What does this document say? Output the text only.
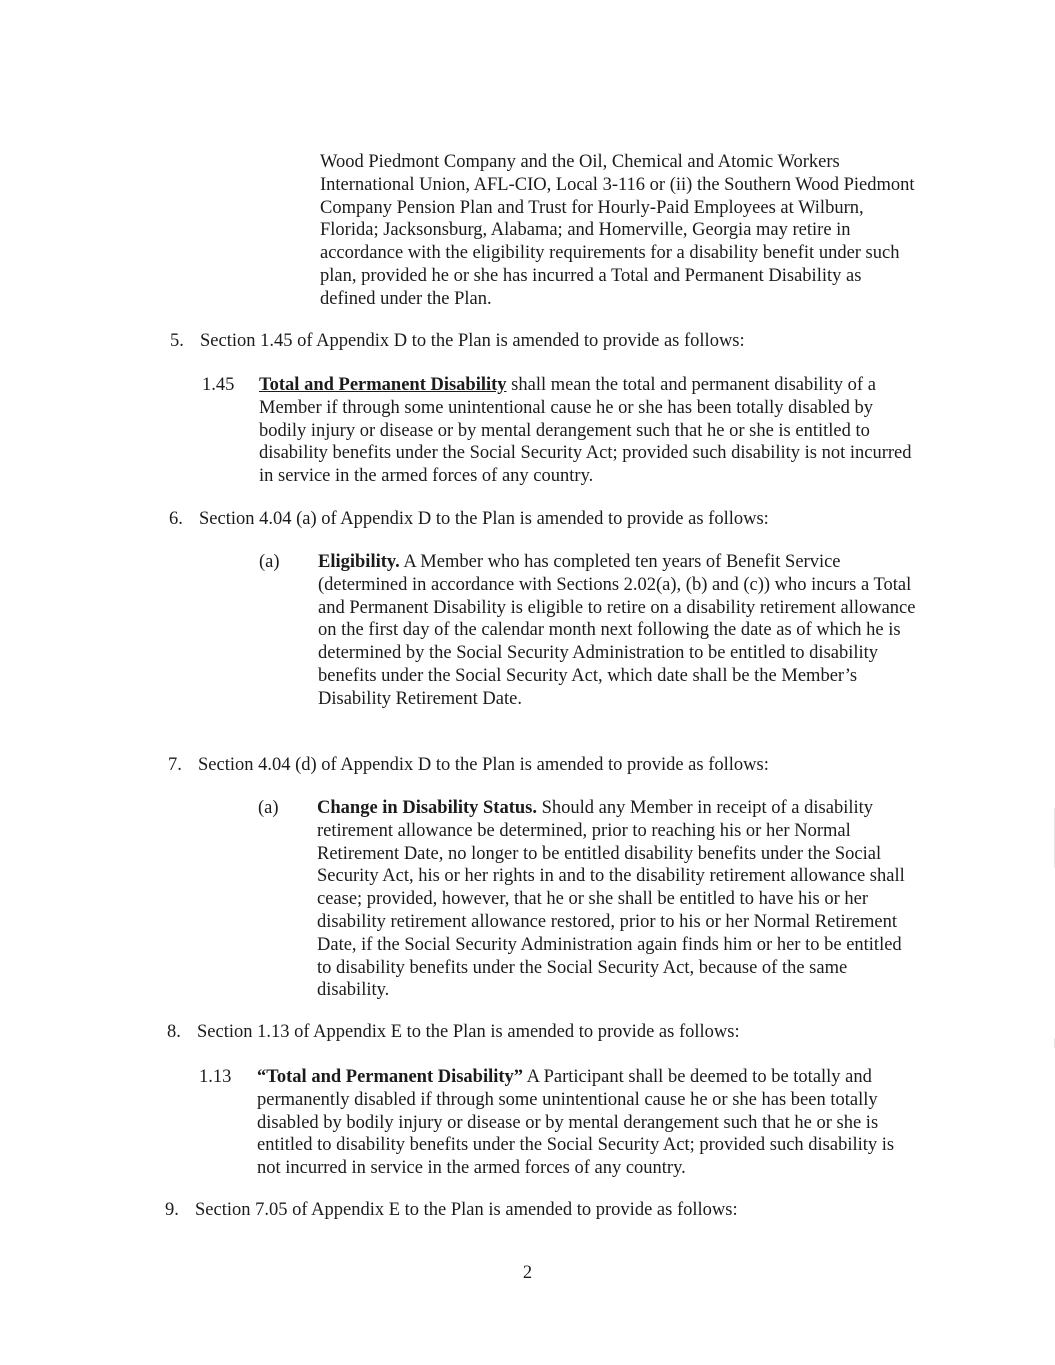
Wood Piedmont Company and the Oil, Chemical and Atomic Workers International Union, AFL-CIO, Local 3-116 or (ii) the Southern Wood Piedmont Company Pension Plan and Trust for Hourly-Paid Employees at Wilburn, Florida; Jacksonsburg, Alabama; and Homerville, Georgia may retire in accordance with the eligibility requirements for a disability benefit under such plan, provided he or she has incurred a Total and Permanent Disability as defined under the Plan.

5. Section 1.45 of Appendix D to the Plan is amended to provide as follows:
1.45 Total and Permanent Disability shall mean the total and permanent disability of a Member if through some unintentional cause he or she has been totally disabled by bodily injury or disease or by mental derangement such that he or she is entitled to disability benefits under the Social Security Act; provided such disability is not incurred in service in the armed forces of any country.

6. Section 4.04 (a) of Appendix D to the Plan is amended to provide as follows:
(a) Eligibility. A Member who has completed ten years of Benefit Service (determined in accordance with Sections 2.02(a), (b) and (c)) who incurs a Total and Permanent Disability is eligible to retire on a disability retirement allowance on the first day of the calendar month next following the date as of which he is determined by the Social Security Administration to be entitled to disability benefits under the Social Security Act, which date shall be the Member’s Disability Retirement Date.

7. Section 4.04 (d) of Appendix D to the Plan is amended to provide as follows:
(a) Change in Disability Status. Should any Member in receipt of a disability retirement allowance be determined, prior to reaching his or her Normal Retirement Date, no longer to be entitled disability benefits under the Social Security Act, his or her rights in and to the disability retirement allowance shall cease; provided, however, that he or she shall be entitled to have his or her disability retirement allowance restored, prior to his or her Normal Retirement Date, if the Social Security Administration again finds him or her to be entitled to disability benefits under the Social Security Act, because of the same disability.

8. Section 1.13 of Appendix E to the Plan is amended to provide as follows:
1.13 “Total and Permanent Disability” A Participant shall be deemed to be totally and permanently disabled if through some unintentional cause he or she has been totally disabled by bodily injury or disease or by mental derangement such that he or she is entitled to disability benefits under the Social Security Act; provided such disability is not incurred in service in the armed forces of any country.

9. Section 7.05 of Appendix E to the Plan is amended to provide as follows:
2
